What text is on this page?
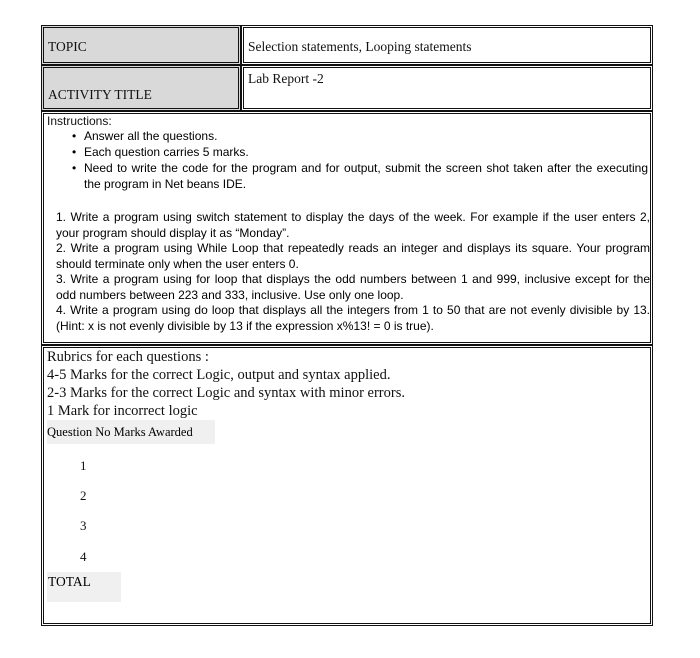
TOPIC	Selection statements, Looping statements
ACTIVITY TITLE
Lab Report -2
Instructions:
• Answer all the questions.
• Each question carries 5 marks.
• Need to write the code for the program and for output, submit the screen shot taken after the executing the program in Net beans IDE.
1. Write a program using switch statement to display the days of the week. For example if the user enters 2, your program should display it as “Monday”.
2. Write a program using While Loop that repeatedly reads an integer and displays its square. Your program should terminate only when the user enters 0.
3. Write a program using for loop that displays the odd numbers between 1 and 999, inclusive except for the odd numbers between 223 and 333, inclusive. Use only one loop.
4. Write a program using do loop that displays all the integers from 1 to 50 that are not evenly divisible by 13. (Hint: x is not evenly divisible by 13 if the expression x%13! = 0 is true).
Rubrics for each questions :
4-5 Marks for the correct Logic, output and syntax applied.
2-3 Marks for the correct Logic and syntax with minor errors.
1 Mark for incorrect logic
Question No Marks Awarded
1
2
3
4
TOTAL
